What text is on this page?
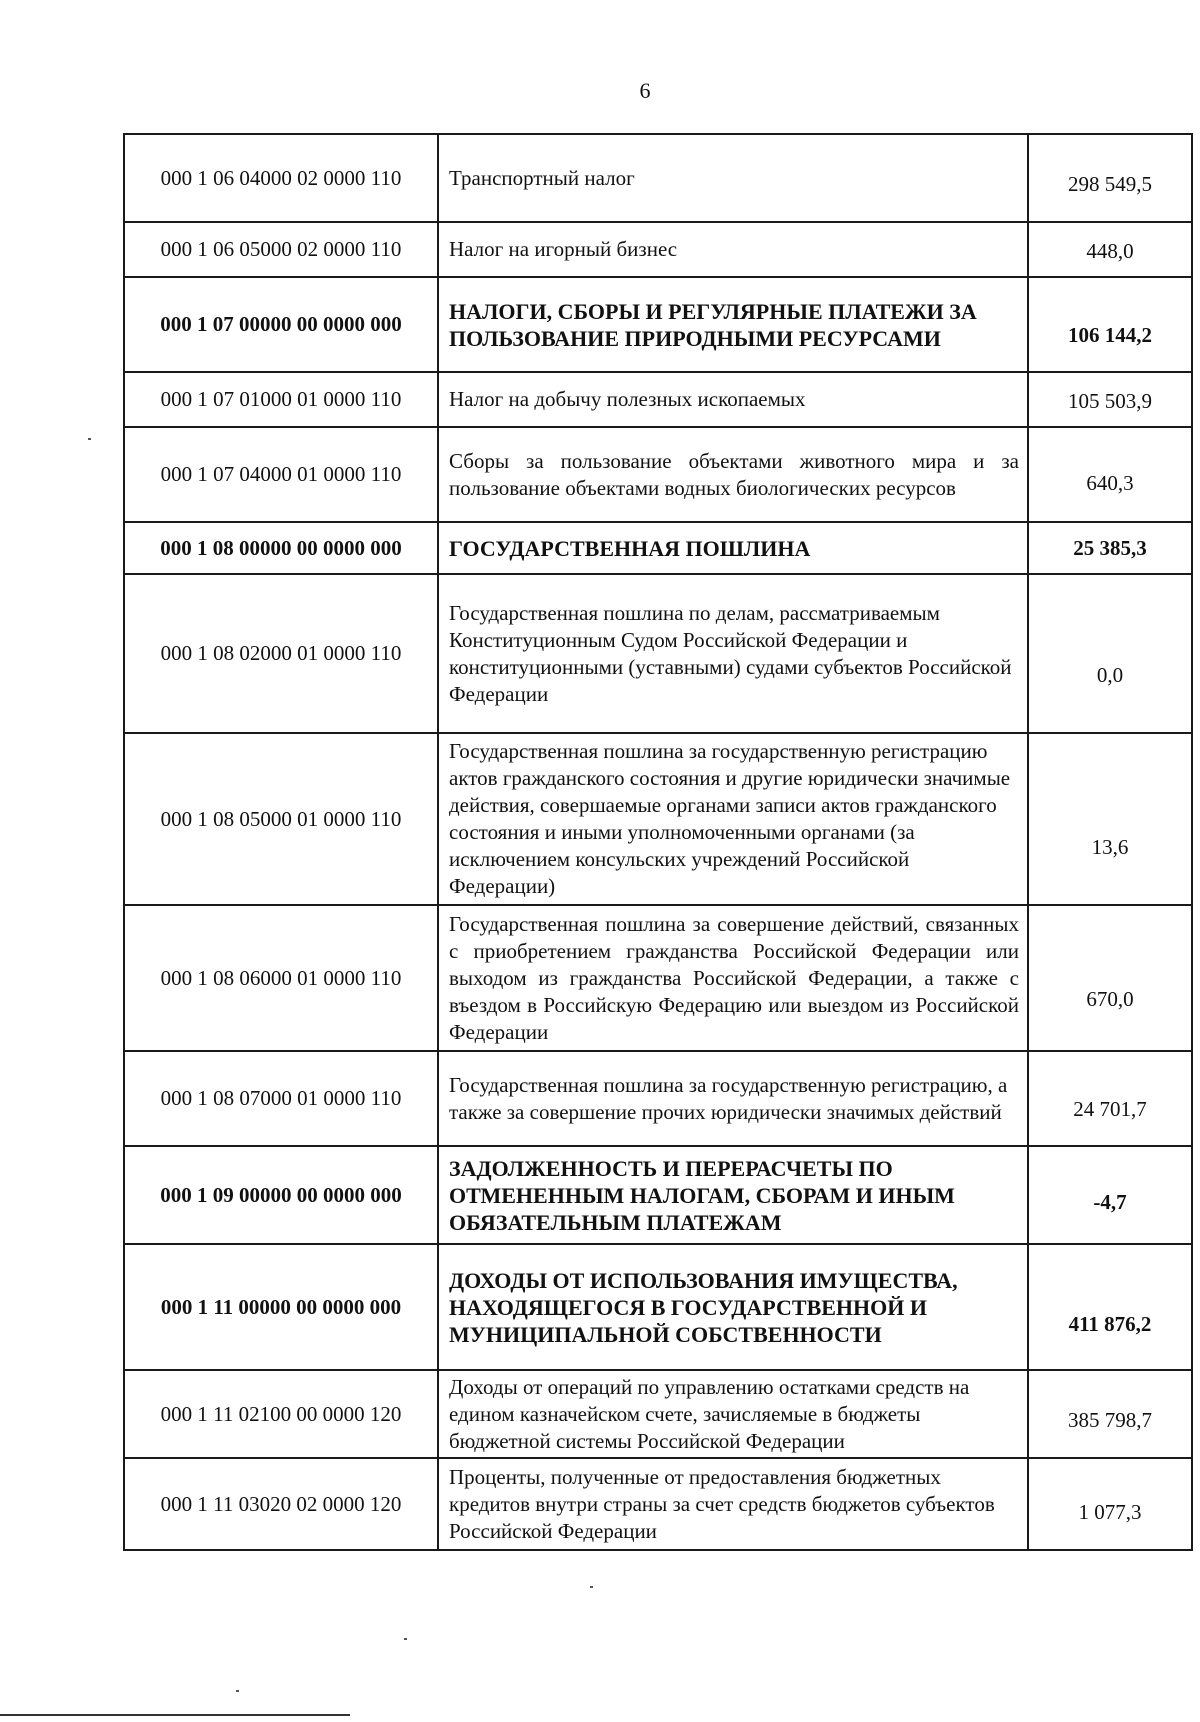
6
000 1 06 04000 02 0000 110	Транспортный налог	298 549,5
000 1 06 05000 02 0000 110	Налог на игорный бизнес	448,0
000 1 07 00000 00 0000 000	НАЛОГИ, СБОРЫ И РЕГУЛЯРНЫЕ ПЛАТЕЖИ ЗА ПОЛЬЗОВАНИЕ ПРИРОДНЫМИ РЕСУРСАМИ	106 144,2
000 1 07 01000 01 0000 110	Налог на добычу полезных ископаемых	105 503,9
000 1 07 04000 01 0000 110	Сборы за пользование объектами животного мира и за пользование объектами водных биологических ресурсов	640,3
000 1 08 00000 00 0000 000	ГОСУДАРСТВЕННАЯ ПОШЛИНА	25 385,3
000 1 08 02000 01 0000 110	Государственная пошлина по делам, рассматриваемым Конституционным Судом Российской Федерации и конституционными (уставными) судами субъектов Российской Федерации	0,0
000 1 08 05000 01 0000 110	Государственная пошлина за государственную регистрацию актов гражданского состояния и другие юридически значимые действия, совершаемые органами записи актов гражданского состояния и иными уполномоченными органами (за исключением консульских учреждений Российской Федерации)	13,6
000 1 08 06000 01 0000 110	Государственная пошлина за совершение действий, связанных с приобретением гражданства Российской Федерации или выходом из гражданства Российской Федерации, а также с въездом в Российскую Федерацию или выездом из Российской Федерации	670,0
000 1 08 07000 01 0000 110	Государственная пошлина за государственную регистрацию, а также за совершение прочих юридически значимых действий	24 701,7
000 1 09 00000 00 0000 000	ЗАДОЛЖЕННОСТЬ И ПЕРЕРАСЧЕТЫ ПО ОТМЕНЕННЫМ НАЛОГАМ, СБОРАМ И ИНЫМ ОБЯЗАТЕЛЬНЫМ ПЛАТЕЖАМ	-4,7
000 1 11 00000 00 0000 000	ДОХОДЫ ОТ ИСПОЛЬЗОВАНИЯ ИМУЩЕСТВА, НАХОДЯЩЕГОСЯ В ГОСУДАРСТВЕННОЙ И МУНИЦИПАЛЬНОЙ СОБСТВЕННОСТИ	411 876,2
000 1 11 02100 00 0000 120	Доходы от операций по управлению остатками средств на едином казначейском счете, зачисляемые в бюджеты бюджетной системы Российской Федерации	385 798,7
000 1 11 03020 02 0000 120	Проценты, полученные от предоставления бюджетных кредитов внутри страны за счет средств бюджетов субъектов Российской Федерации	1 077,3
